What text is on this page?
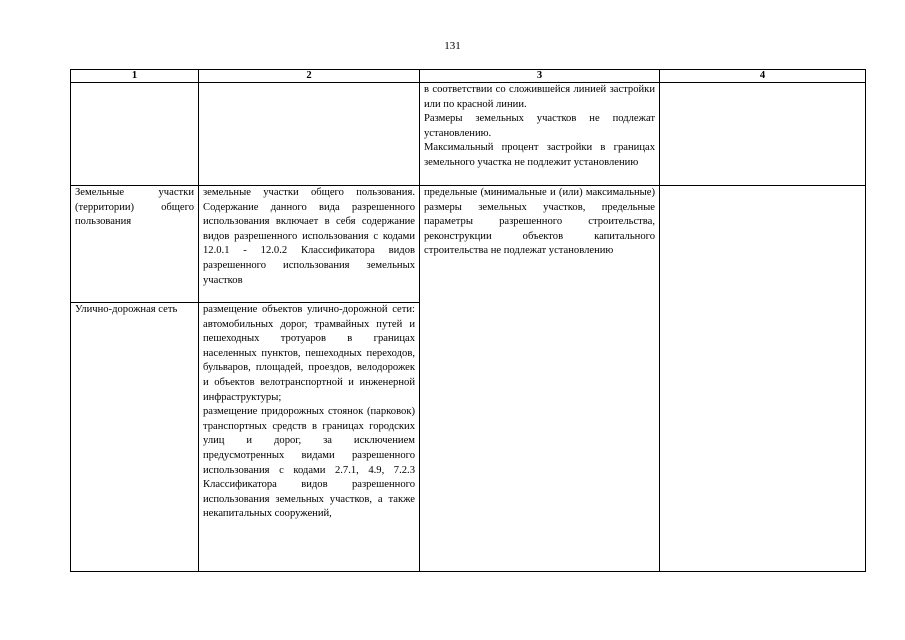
131
1	2	3	4

		в соответствии со сложившейся линией застройки или по красной линии.

Размеры земельных участков не подлежат установлению.

Максимальный процент застройки в границах земельного участка не подлежит установлению	

Земельные участки (территории) общего пользования	земельные участки общего пользования. Содержание данного вида разрешенного использования включает в себя содержание видов разрешенного использования с кодами 12.0.1 - 12.0.2 Классификатора видов разрешенного использования земельных участков	предельные (минимальные и (или) максимальные) размеры земельных участков, предельные параметры разрешенного строительства, реконструкции объектов капитального строительства не подлежат установлению	
Улично-дорожная сеть	размещение объектов улично-дорожной сети: автомобильных дорог, трамвайных путей и пешеходных тротуаров в границах населенных пунктов, пешеходных переходов, бульваров, площадей, проездов, велодорожек и объектов велотранспортной и инженерной инфраструктуры;

размещение придорожных стоянок (парковок) транспортных средств в границах городских улиц и дорог, за исключением предусмотренных видами разрешенного использования с кодами 2.7.1, 4.9, 7.2.3 Классификатора видов разрешенного использования земельных участков, а также некапитальных сооружений,		
